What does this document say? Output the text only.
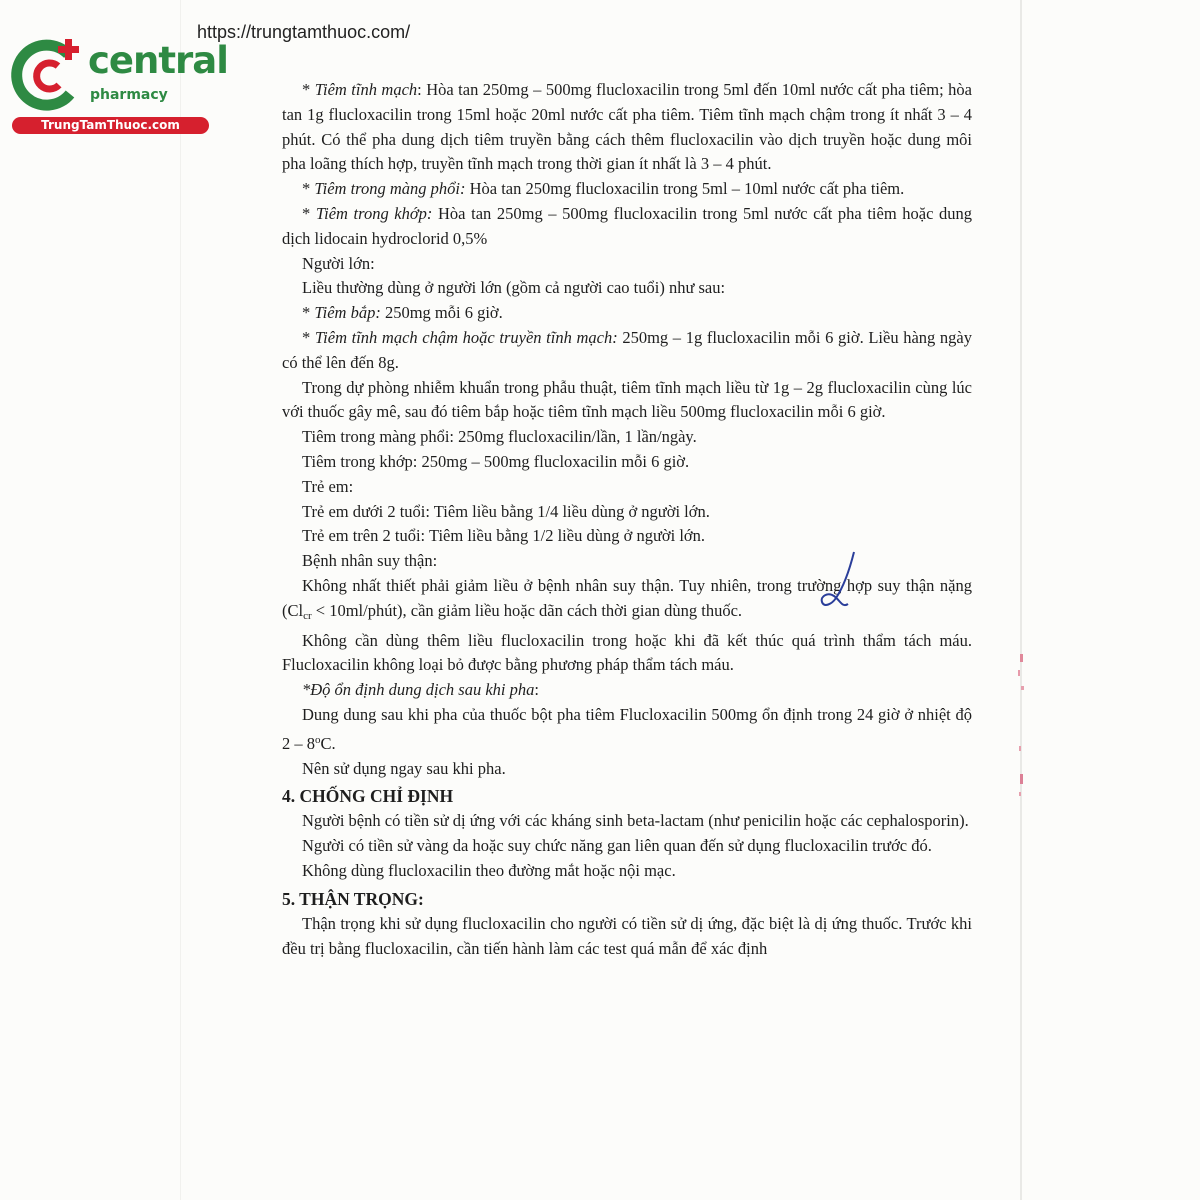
https://trungtamthuoc.com/
central
pharmacy
TrungTamThuoc.com

* Tiêm tĩnh mạch: Hòa tan 250mg – 500mg flucloxacilin trong 5ml đến 10ml nước cất pha tiêm; hòa tan 1g flucloxacilin trong 15ml hoặc 20ml nước cất pha tiêm. Tiêm tĩnh mạch chậm trong ít nhất 3 – 4 phút. Có thể pha dung dịch tiêm truyền bằng cách thêm flucloxacilin vào dịch truyền hoặc dung môi pha loãng thích hợp, truyền tĩnh mạch trong thời gian ít nhất là 3 – 4 phút.

* Tiêm trong màng phổi: Hòa tan 250mg flucloxacilin trong 5ml – 10ml nước cất pha tiêm.

* Tiêm trong khớp: Hòa tan 250mg – 500mg flucloxacilin trong 5ml nước cất pha tiêm hoặc dung dịch lidocain hydroclorid 0,5%

Người lớn:

Liều thường dùng ở người lớn (gồm cả người cao tuổi) như sau:

* Tiêm bắp: 250mg mỗi 6 giờ.

* Tiêm tĩnh mạch chậm hoặc truyền tĩnh mạch: 250mg – 1g flucloxacilin mỗi 6 giờ. Liều hàng ngày có thể lên đến 8g.

Trong dự phòng nhiễm khuẩn trong phẫu thuật, tiêm tĩnh mạch liều từ 1g – 2g flucloxacilin cùng lúc với thuốc gây mê, sau đó tiêm bắp hoặc tiêm tĩnh mạch liều 500mg flucloxacilin mỗi 6 giờ.

Tiêm trong màng phổi: 250mg flucloxacilin/lần, 1 lần/ngày.

Tiêm trong khớp: 250mg – 500mg flucloxacilin mỗi 6 giờ.

Trẻ em:

Trẻ em dưới 2 tuổi: Tiêm liều bằng 1/4 liều dùng ở người lớn.

Trẻ em trên 2 tuổi: Tiêm liều bằng 1/2 liều dùng ở người lớn.

Bệnh nhân suy thận:

Không nhất thiết phải giảm liều ở bệnh nhân suy thận. Tuy nhiên, trong trường hợp suy thận nặng ($Cl_{cr}$ < 10ml/phút), cần giảm liều hoặc dãn cách thời gian dùng thuốc.

Không cần dùng thêm liều flucloxacilin trong hoặc khi đã kết thúc quá trình thẩm tách máu. Flucloxacilin không loại bỏ được bằng phương pháp thẩm tách máu.

*Độ ổn định dung dịch sau khi pha:

Dung dung sau khi pha của thuốc bột pha tiêm Flucloxacilin 500mg ổn định trong 24 giờ ở nhiệt độ 2 – 8$^o$C.

Nên sử dụng ngay sau khi pha.

4. CHỐNG CHỈ ĐỊNH

Người bệnh có tiền sử dị ứng với các kháng sinh beta-lactam (như penicilin hoặc các cephalosporin).

Người có tiền sử vàng da hoặc suy chức năng gan liên quan đến sử dụng flucloxacilin trước đó.

Không dùng flucloxacilin theo đường mắt hoặc nội mạc.

5. THẬN TRỌNG:

Thận trọng khi sử dụng flucloxacilin cho người có tiền sử dị ứng, đặc biệt là dị ứng thuốc. Trước khi đều trị bằng flucloxacilin, cần tiến hành làm các test quá mẫn để xác định
